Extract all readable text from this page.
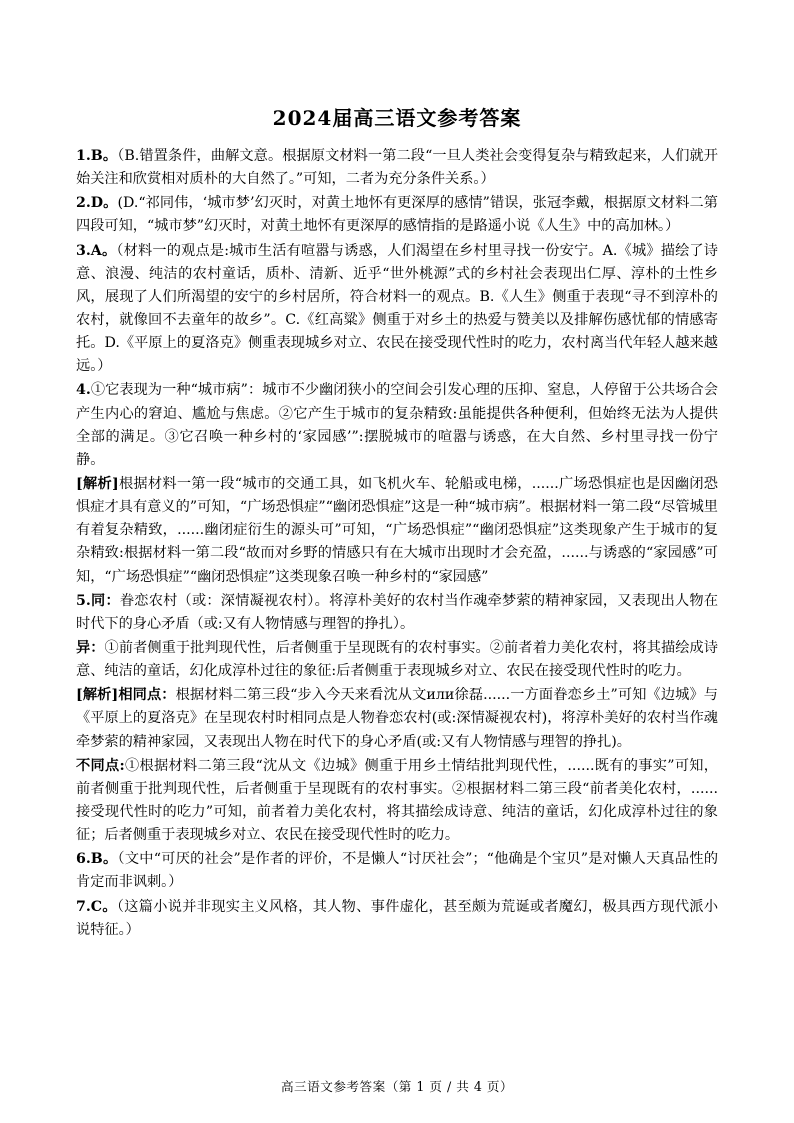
2024届高三语文参考答案

1.B。（B.错置条件，曲解文意。根据原文材料一第二段“一旦人类社会变得复杂与精致起来，人们就开始关注和欣赏相对质朴的大自然了。”可知，二者为充分条件关系。）

2.D。(D.“祁同伟，‘城市梦’幻灭时，对黄土地怀有更深厚的感情”错误，张冠李戴，根据原文材料二第四段可知，“城市梦”幻灭时，对黄土地怀有更深厚的感情指的是路遥小说《人生》中的高加林。）

3.A。（材料一的观点是:城市生活有喧嚣与诱惑，人们渴望在乡村里寻找一份安宁。A.《城》描绘了诗意、浪漫、纯洁的农村童话，质朴、清新、近乎“世外桃源”式的乡村社会表现出仁厚、淳朴的土性乡风，展现了人们所渴望的安宁的乡村居所，符合材料一的观点。B.《人生》侧重于表现“寻不到淳朴的农村，就像回不去童年的故乡”。C.《红高粱》侧重于对乡土的热爱与赞美以及排解伤感忧郁的情感寄托。D.《平原上的夏洛克》侧重表现城乡对立、农民在接受现代性时的吃力，农村离当代年轻人越来越远。）

4.①它表现为一种“城市病”：城市不少幽闭狭小的空间会引发心理的压抑、窒息，人停留于公共场合会产生内心的窘迫、尴尬与焦虑。②它产生于城市的复杂精致:虽能提供各种便利，但始终无法为人提供全部的满足。③它召唤一种乡村的‘家园感’”:摆脱城市的喧嚣与诱惑，在大自然、乡村里寻找一份宁静。

[解析]根据材料一第一段“城市的交通工具，如飞机火车、轮船或电梯，......广场恐惧症也是因幽闭恐惧症才具有意义的”可知，“广场恐惧症”“幽闭恐惧症”这是一种“城市病”。根据材料一第二段“尽管城里有着复杂精致，......幽闭症衍生的源头可”可知，“广场恐惧症”“幽闭恐惧症”这类现象产生于城市的复杂精致:根据材料一第二段“故而对乡野的情感只有在大城市出现时才会充盈，......与诱惑的“家园感”可知，“广场恐惧症”“幽闭恐惧症”这类现象召唤一种乡村的“家园感”

5.同：眷恋农村（或：深情凝视农村）。将淳朴美好的农村当作魂牵梦萦的精神家园，又表现出人物在时代下的身心矛盾（或:又有人物情感与理智的挣扎）。

异：①前者侧重于批判现代性，后者侧重于呈现既有的农村事实。②前者着力美化农村，将其描绘成诗意、纯洁的童话，幻化成淳朴过往的象征:后者侧重于表现城乡对立、农民在接受现代性时的吃力。

[解析]相同点：根据材料二第三段“步入今天来看沈从文или徐磊......一方面眷恋乡土”可知《边城》与《平原上的夏洛克》在呈现农村时相同点是人物眷恋农村(或:深情凝视农村)，将淳朴美好的农村当作魂牵梦萦的精神家园，又表现出人物在时代下的身心矛盾(或:又有人物情感与理智的挣扎)。

不同点:①根据材料二第三段“沈从文《边城》侧重于用乡土情结批判现代性，......既有的事实”可知，前者侧重于批判现代性，后者侧重于呈现既有的农村事实。②根据材料二第三段“前者美化农村，......接受现代性时的吃力”可知，前者着力美化农村，将其描绘成诗意、纯洁的童话，幻化成淳朴过往的象征；后者侧重于表现城乡对立、农民在接受现代性时的吃力。

6.B。（文中“可厌的社会”是作者的评价，不是懒人“讨厌社会”；“他确是个宝贝”是对懒人天真品性的肯定而非讽刺。）

7.C。（这篇小说并非现实主义风格，其人物、事件虚化，甚至颇为荒诞或者魔幻，极具西方现代派小说特征。）

高三语文参考答案（第 1 页 / 共 4 页）
